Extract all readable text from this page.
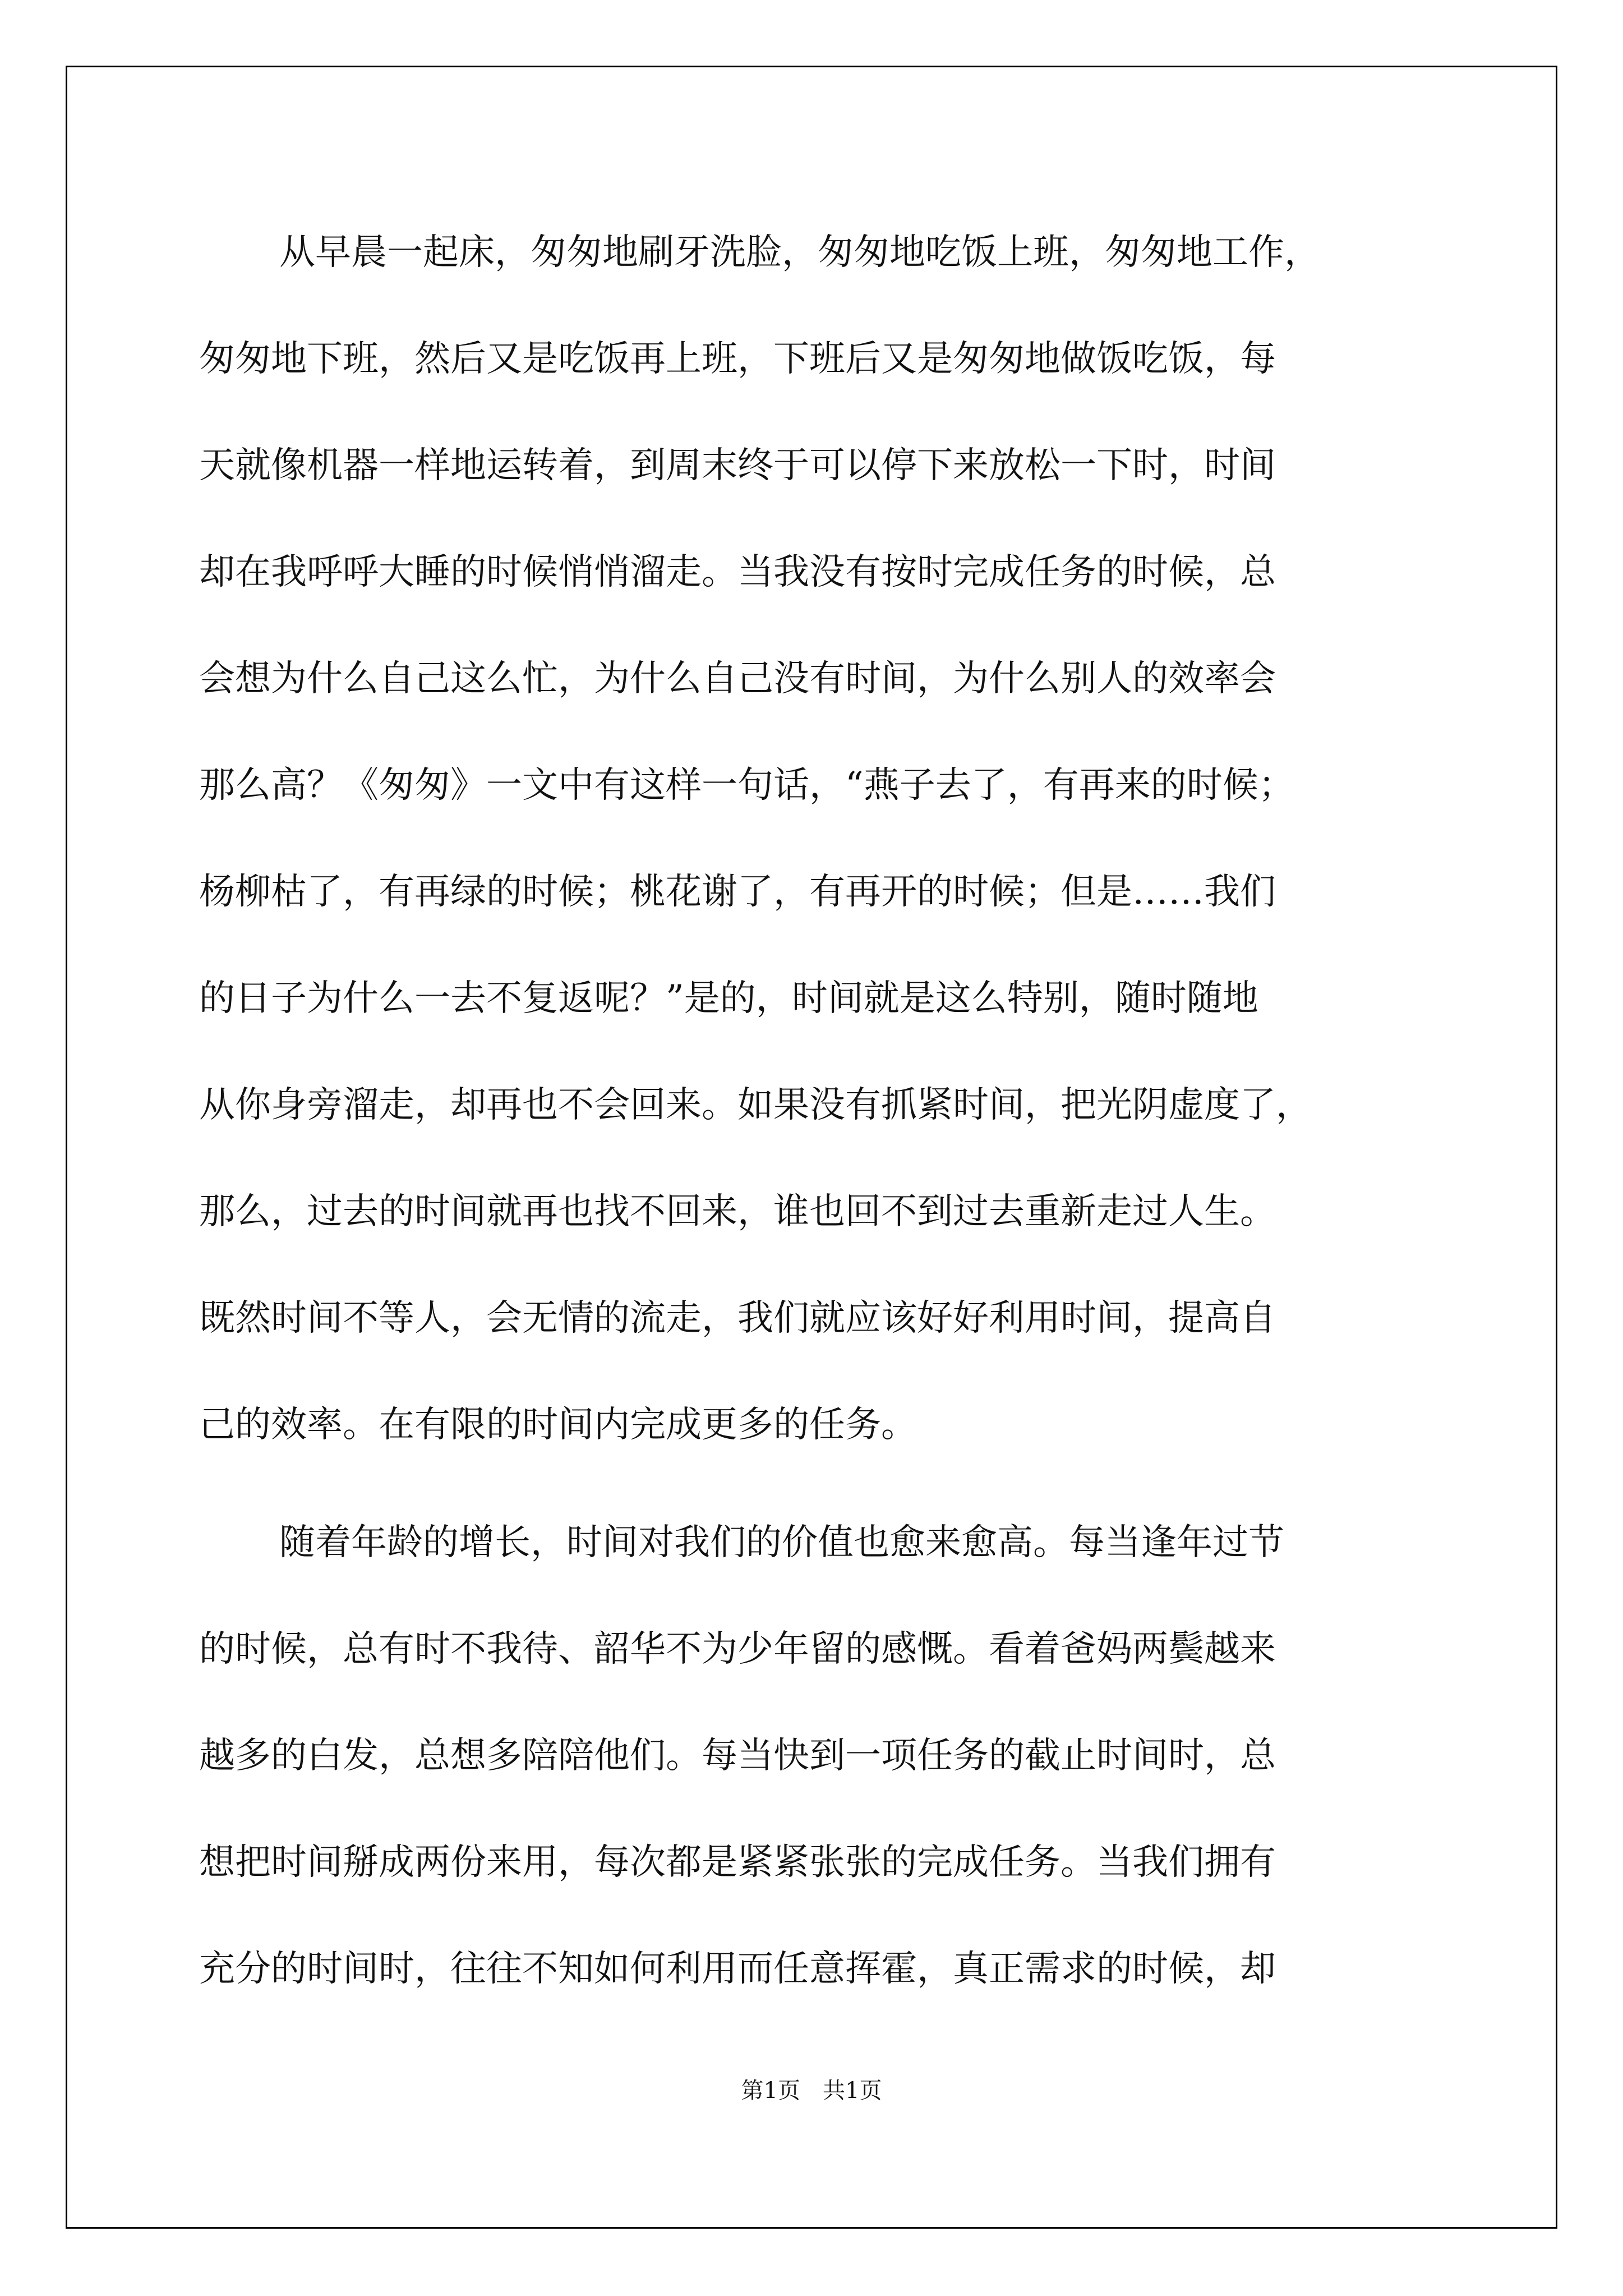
从早晨一起床，匆匆地刷牙洗脸，匆匆地吃饭上班，匆匆地工作，
匆匆地下班，然后又是吃饭再上班，下班后又是匆匆地做饭吃饭，每
天就像机器一样地运转着，到周末终于可以停下来放松一下时，时间
却在我呼呼大睡的时候悄悄溜走。当我没有按时完成任务的时候，总
会想为什么自己这么忙，为什么自己没有时间，为什么别人的效率会
那么高？《匆匆》一文中有这样一句话，“燕子去了，有再来的时候；
杨柳枯了，有再绿的时候；桃花谢了，有再开的时候；但是……我们
的日子为什么一去不复返呢？”是的，时间就是这么特别，随时随地
从你身旁溜走，却再也不会回来。如果没有抓紧时间，把光阴虚度了，
那么，过去的时间就再也找不回来，谁也回不到过去重新走过人生。
既然时间不等人，会无情的流走，我们就应该好好利用时间，提高自
己的效率。在有限的时间内完成更多的任务。
随着年龄的增长，时间对我们的价值也愈来愈高。每当逢年过节
的时候，总有时不我待、韶华不为少年留的感慨。看着爸妈两鬓越来
越多的白发，总想多陪陪他们。每当快到一项任务的截止时间时，总
想把时间掰成两份来用，每次都是紧紧张张的完成任务。当我们拥有
充分的时间时，往往不知如何利用而任意挥霍，真正需求的时候，却
第1页　共1页
